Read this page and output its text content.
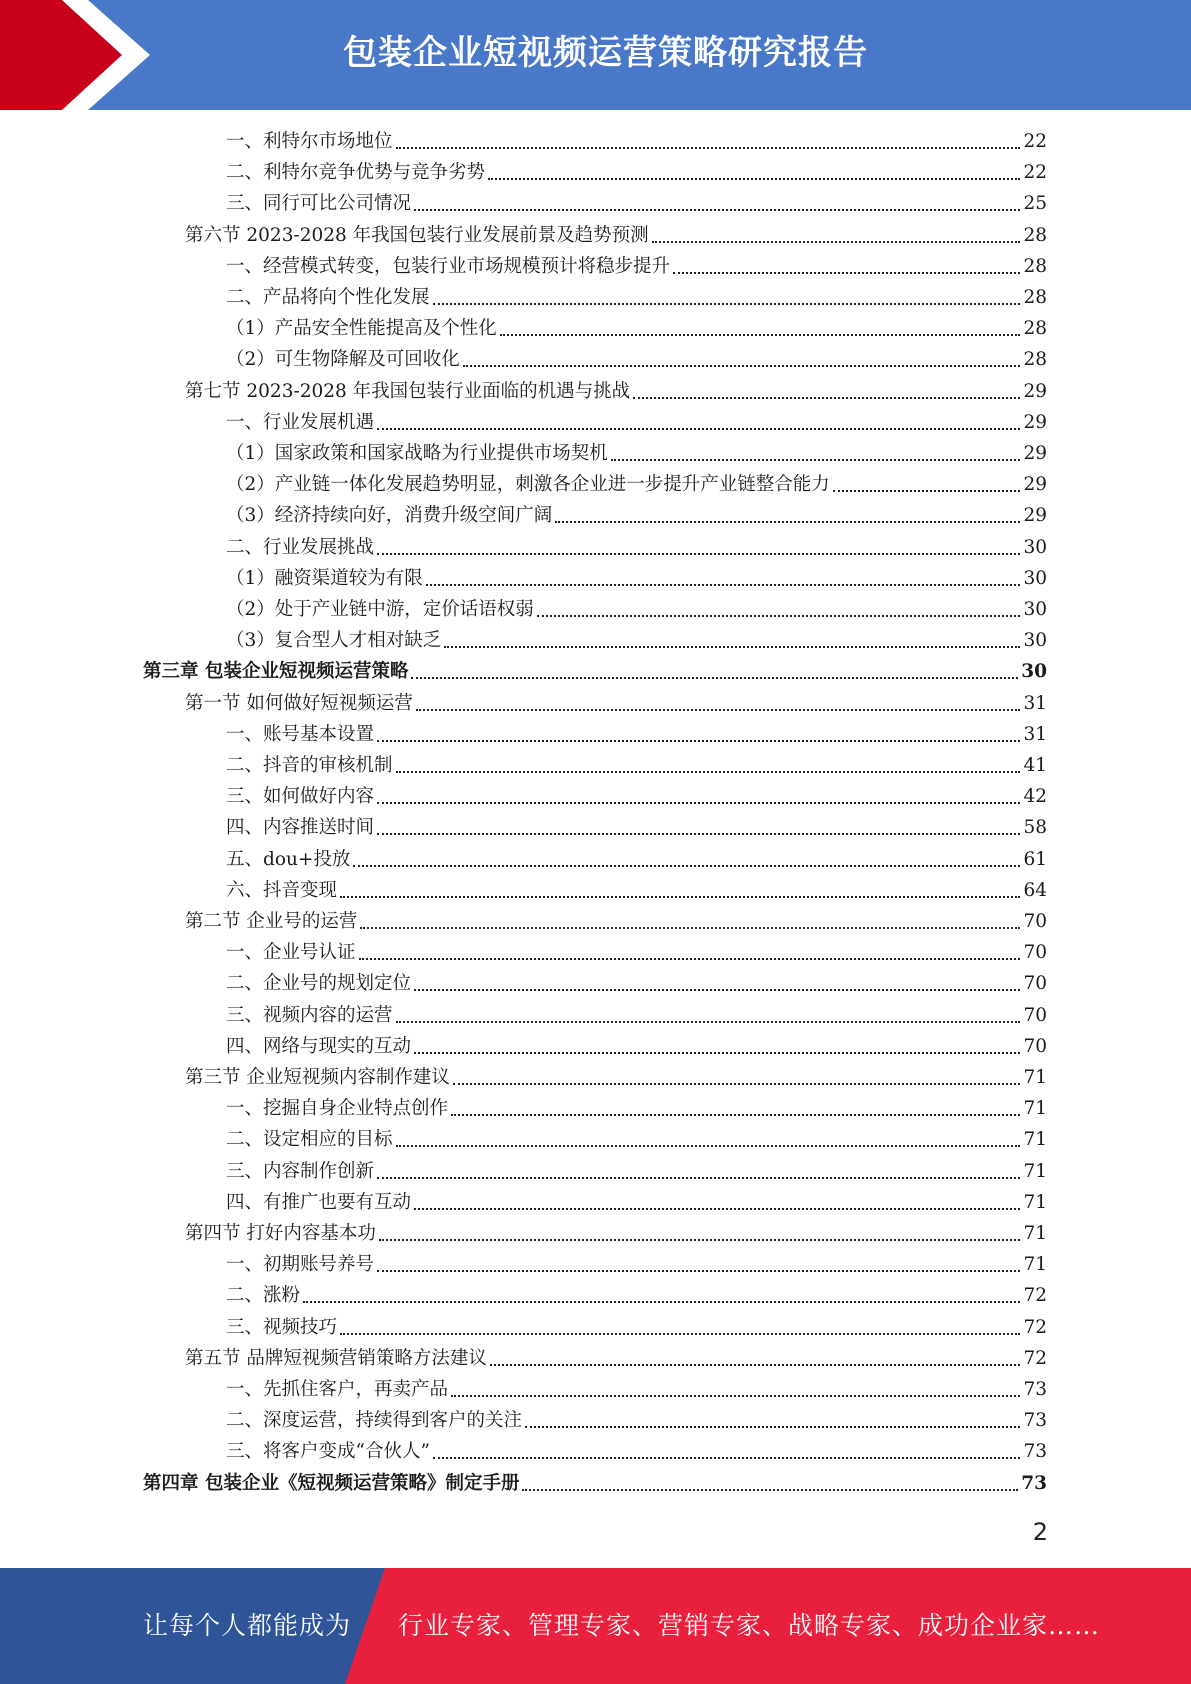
包装企业短视频运营策略研究报告
一、利特尔市场地位	22
二、利特尔竞争优势与竞争劣势	22
三、同行可比公司情况	25
第六节 2023-2028 年我国包装行业发展前景及趋势预测	28
一、经营模式转变，包装行业市场规模预计将稳步提升	28
二、产品将向个性化发展	28
（1）产品安全性能提高及个性化	28
（2）可生物降解及可回收化	28
第七节 2023-2028 年我国包装行业面临的机遇与挑战	29
一、行业发展机遇	29
（1）国家政策和国家战略为行业提供市场契机	29
（2）产业链一体化发展趋势明显，刺激各企业进一步提升产业链整合能力	29
（3）经济持续向好，消费升级空间广阔	29
二、行业发展挑战	30
（1）融资渠道较为有限	30
（2）处于产业链中游，定价话语权弱	30
（3）复合型人才相对缺乏	30
第三章 包装企业短视频运营策略	30
第一节 如何做好短视频运营	31
一、账号基本设置	31
二、抖音的审核机制	41
三、如何做好内容	42
四、内容推送时间	58
五、dou+投放	61
六、抖音变现	64
第二节 企业号的运营	70
一、企业号认证	70
二、企业号的规划定位	70
三、视频内容的运营	70
四、网络与现实的互动	70
第三节 企业短视频内容制作建议	71
一、挖掘自身企业特点创作	71
二、设定相应的目标	71
三、内容制作创新	71
四、有推广也要有互动	71
第四节 打好内容基本功	71
一、初期账号养号	71
二、涨粉	72
三、视频技巧	72
第五节 品牌短视频营销策略方法建议	72
一、先抓住客户，再卖产品	73
二、深度运营，持续得到客户的关注	73
三、将客户变成“合伙人”	73
第四章 包装企业《短视频运营策略》制定手册	73
2
让每个人都能成为 行业专家、管理专家、营销专家、战略专家、成功企业家……
